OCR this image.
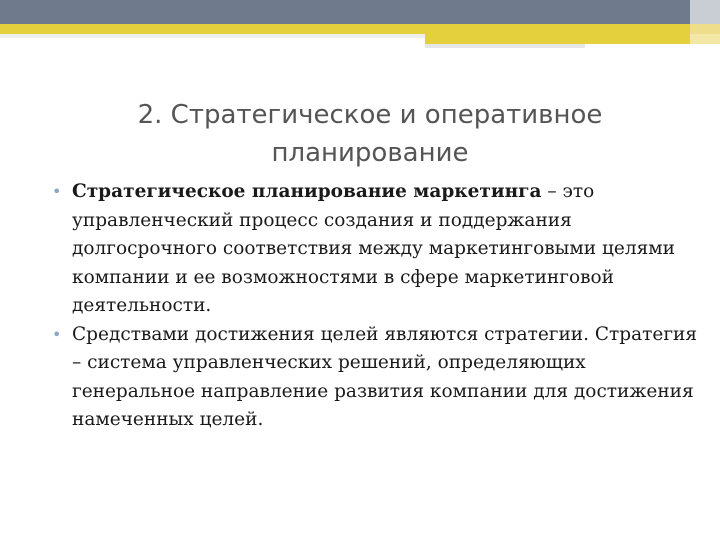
2. Стратегическое и оперативное
планирование
• Стратегическое планирование маркетинга – это управленческий процесс создания и поддержания долгосрочного соответствия между маркетинговыми целями компании и ее возможностями в сфере маркетинговой деятельности.
• Средствами достижения целей являются стратегии. Стратегия – система управленческих решений, определяющих генеральное направление развития компании для достижения намеченных целей.
